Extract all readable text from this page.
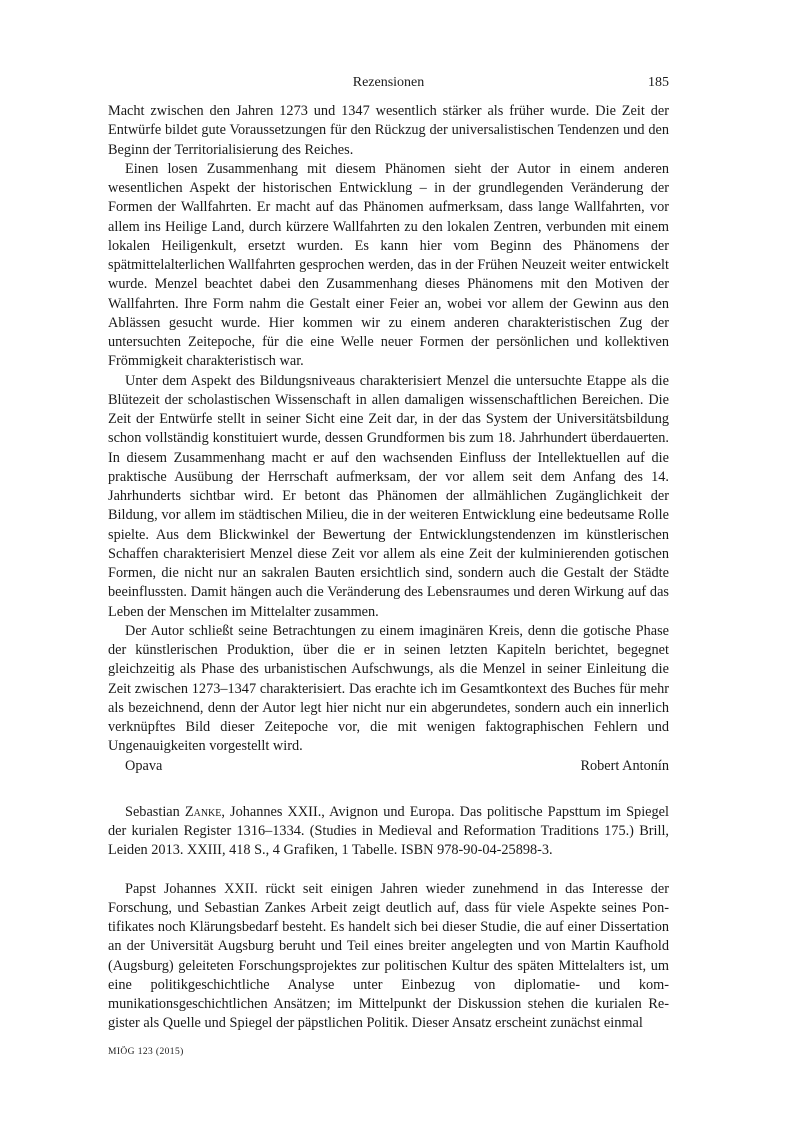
Rezensionen	185

Macht zwischen den Jahren 1273 und 1347 wesentlich stärker als früher wurde. Die Zeit der Entwürfe bildet gute Voraussetzungen für den Rückzug der universalistischen Tendenzen und den Beginn der Territorialisierung des Reiches.

Einen losen Zusammenhang mit diesem Phänomen sieht der Autor in einem anderen wesentlichen Aspekt der historischen Entwicklung – in der grundlegenden Veränderung der Formen der Wallfahrten. Er macht auf das Phänomen aufmerksam, dass lange Wallfahrten, vor allem ins Heilige Land, durch kürzere Wallfahrten zu den lokalen Zentren, verbunden mit einem lokalen Heiligenkult, ersetzt wurden. Es kann hier vom Beginn des Phänomens der spätmittelalterlichen Wallfahrten gesprochen werden, das in der Frühen Neuzeit weiter entwickelt wurde. Menzel beachtet dabei den Zusammenhang dieses Phänomens mit den Motiven der Wallfahrten. Ihre Form nahm die Gestalt einer Feier an, wobei vor allem der Gewinn aus den Ablässen gesucht wurde. Hier kommen wir zu einem anderen charakteristischen Zug der untersuchten Zeitepoche, für die eine Welle neuer Formen der persönlichen und kollektiven Frömmigkeit charakteristisch war.

Unter dem Aspekt des Bildungsniveaus charakterisiert Menzel die untersuchte Etappe als die Blütezeit der scholastischen Wissenschaft in allen damaligen wissenschaftlichen Bereichen. Die Zeit der Entwürfe stellt in seiner Sicht eine Zeit dar, in der das System der Universitätsbildung schon vollständig konstituiert wurde, dessen Grundformen bis zum 18. Jahrhundert überdauerten. In diesem Zusammenhang macht er auf den wachsenden Einfluss der Intellektuellen auf die praktische Ausübung der Herrschaft aufmerksam, der vor allem seit dem Anfang des 14. Jahrhunderts sichtbar wird. Er betont das Phänomen der allmählichen Zugänglichkeit der Bildung, vor allem im städtischen Milieu, die in der weiteren Entwicklung eine bedeutsame Rolle spielte. Aus dem Blickwinkel der Bewertung der Entwicklungstendenzen im künstlerischen Schaffen charakterisiert Menzel diese Zeit vor allem als eine Zeit der kulminierenden gotischen Formen, die nicht nur an sakralen Bauten ersichtlich sind, sondern auch die Gestalt der Städte beeinflussten. Damit hängen auch die Veränderung des Lebensraumes und deren Wirkung auf das Leben der Menschen im Mittelalter zusammen.

Der Autor schließt seine Betrachtungen zu einem imaginären Kreis, denn die gotische Phase der künstlerischen Produktion, über die er in seinen letzten Kapiteln berichtet, begegnet gleichzeitig als Phase des urbanistischen Aufschwungs, als die Menzel in seiner Einleitung die Zeit zwischen 1273–1347 charakterisiert. Das erachte ich im Gesamtkontext des Buches für mehr als bezeichnend, denn der Autor legt hier nicht nur ein abgerundetes, sondern auch ein innerlich verknüpftes Bild dieser Zeitepoche vor, die mit wenigen faktographischen Fehlern und Ungenauigkeiten vorgestellt wird.

Opava	Robert Antonín
Sebastian Zanke, Johannes XXII., Avignon und Europa. Das politische Papsttum im Spiegel der kurialen Register 1316–1334. (Studies in Medieval and Reformation Traditions 175.) Brill, Leiden 2013. XXIII, 418 S., 4 Grafiken, 1 Tabelle. ISBN 978-90-04-25898-3.
Papst Johannes XXII. rückt seit einigen Jahren wieder zunehmend in das Interesse der Forschung, und Sebastian Zankes Arbeit zeigt deutlich auf, dass für viele Aspekte seines Pontifikates noch Klärungsbedarf besteht. Es handelt sich bei dieser Studie, die auf einer Dissertation an der Universität Augsburg beruht und Teil eines breiter angelegten und von Martin Kaufhold (Augsburg) geleiteten Forschungsprojektes zur politischen Kultur des späten Mittelalters ist, um eine politikgeschichtliche Analyse unter Einbezug von diplomatie- und kommunikationsgeschichtlichen Ansätzen; im Mittelpunkt der Diskussion stehen die kurialen Register als Quelle und Spiegel der päpstlichen Politik. Dieser Ansatz erscheint zunächst einmal
MIÖG 123 (2015)
